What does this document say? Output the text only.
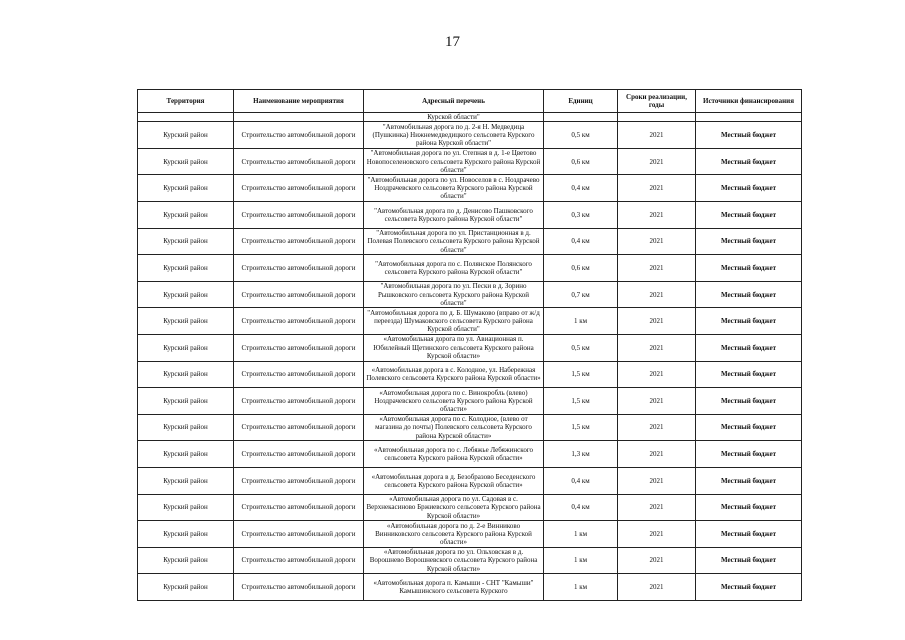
17
Территория	Наименование мероприятия	Адресный перечень	Единиц	Сроки реализации, годы	Источники финансирования
		Курской области"			
Курский район	Строительство автомобильной дороги	"Автомобильная дорога по д. 2-я Н. Медведица (Пушкинка) Нижнемедведицкого сельсовета Курского района Курской области"	0,5 км	2021	Местный бюджет
Курский район	Строительство автомобильной дороги	"Автомобильная дорога по ул. Степная в д. 1-е Цветово Новопоселеновского сельсовета Курского района Курской области"	0,6 км	2021	Местный бюджет
Курский район	Строительство автомобильной дороги	"Автомобильная дорога по ул. Новоселов в с. Ноздрачево Ноздрачевского сельсовета Курского района Курской области"	0,4 км	2021	Местный бюджет
Курский район	Строительство автомобильной дороги	"Автомобильная дорога по д. Денисово Пашковского сельсовета Курского района Курской области"	0,3 км	2021	Местный бюджет
Курский район	Строительство автомобильной дороги	"Автомобильная дорога по ул. Пристанционная в д. Полевая Полевского сельсовета Курского района Курской области"	0,4 км	2021	Местный бюджет
Курский район	Строительство автомобильной дороги	"Автомобильная дорога по с. Полянское Полянского сельсовета Курского района Курской области"	0,6 км	2021	Местный бюджет
Курский район	Строительство автомобильной дороги	"Автомобильная дорога по ул. Пески в д. Зорино Рышковского сельсовета Курского района Курской области"	0,7 км	2021	Местный бюджет
Курский район	Строительство автомобильной дороги	"Автомобильная дорога по д. Б. Шумаково (вправо от ж/д переезда) Шумаковского сельсовета Курского района Курской области"	1 км	2021	Местный бюджет
Курский район	Строительство автомобильной дороги	«Автомобильная дорога по ул. Авиационная п. Юбилейный Щетинского сельсовета Курского района Курской области»	0,5 км	2021	Местный бюджет
Курский район	Строительство автомобильной дороги	«Автомобильная дорога в с. Колодное, ул. Набережная Полевского сельсовета Курского района Курской области»	1,5 км	2021	Местный бюджет
Курский район	Строительство автомобильной дороги	«Автомобильная дорога по с. Винокробль (влево) Ноздрачевского сельсовета Курского района Курской области»	1,5 км	2021	Местный бюджет
Курский район	Строительство автомобильной дороги	«Автомобильная дорога по с. Колодное, (влево от магазина до почты) Полевского сельсовета Курского района Курской области»	1,5 км	2021	Местный бюджет
Курский район	Строительство автомобильной дороги	«Автомобильная дорога по с. Лебяжье Лебяжинского сельсовета Курского района Курской области»	1,3 км	2021	Местный бюджет
Курский район	Строительство автомобильной дороги	«Автомобильная дорога в д. Безобразово Беседенского сельсовета Курского района Курской области»	0,4 км	2021	Местный бюджет
Курский район	Строительство автомобильной дороги	«Автомобильная дорога по ул. Садовая в с. Верхнекасиново Бржиевского сельсовета Курского района Курской области»	0,4 км	2021	Местный бюджет
Курский район	Строительство автомобильной дороги	«Автомобильная дорога по д. 2-е Винниково Винниковского сельсовета Курского района Курской области»	1 км	2021	Местный бюджет
Курский район	Строительство автомобильной дороги	«Автомобильная дорога по ул. Ольховская в д. Ворошнево Ворошневского сельсовета Курского района Курской области»	1 км	2021	Местный бюджет
Курский район	Строительство автомобильной дороги	«Автомобильная дорога п. Камыши - СНТ "Камыши" Камышинского сельсовета Курского	1 км	2021	Местный бюджет
